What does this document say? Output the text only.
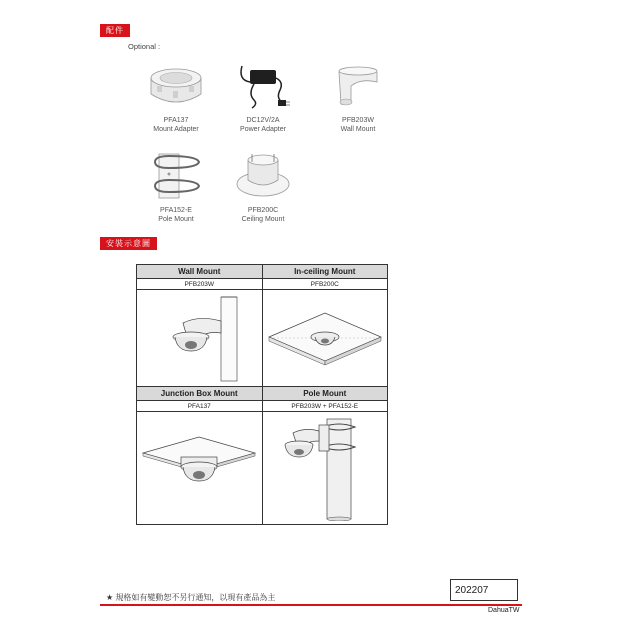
配件
Optional :
PFA137
Mount Adapter
DC12V/2A
Power Adapter
PFB203W
Wall Mount
PFA152-E
Pole Mount
PFB200C
Ceiling Mount
安裝示意圖
Wall Mount	In-ceiling Mount
PFB203W	PFB200C

Junction Box Mount	Pole Mount
PFA137	PFB203W + PFA152-E

★ 規格如有變動恕不另行通知，以現有產品為主
202207
DahuaTW
